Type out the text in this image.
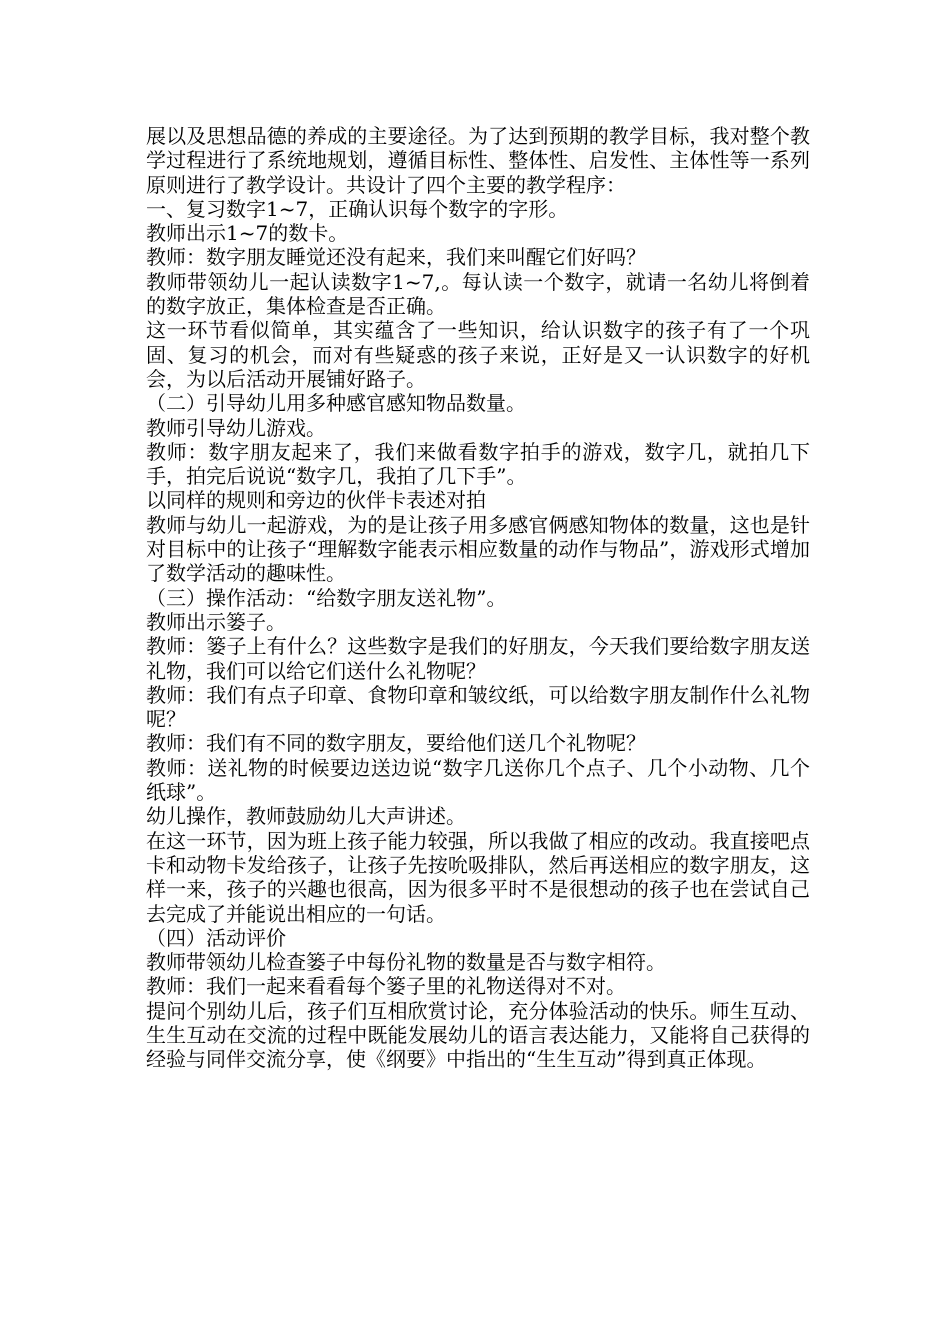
展以及思想品德的养成的主要途径。为了达到预期的教学目标，我对整个教学过程进行了系统地规划，遵循目标性、整体性、启发性、主体性等一系列原则进行了教学设计。共设计了四个主要的教学程序：

一、复习数字1~7，正确认识每个数字的字形。

教师出示1~7的数卡。

教师：数字朋友睡觉还没有起来，我们来叫醒它们好吗？

教师带领幼儿一起认读数字1~7,。每认读一个数字，就请一名幼儿将倒着的数字放正，集体检查是否正确。

这一环节看似简单，其实蕴含了一些知识，给认识数字的孩子有了一个巩固、复习的机会，而对有些疑惑的孩子来说，正好是又一认识数字的好机会，为以后活动开展铺好路子。

（二）引导幼儿用多种感官感知物品数量。

教师引导幼儿游戏。

教师：数字朋友起来了，我们来做看数字拍手的游戏，数字几，就拍几下手，拍完后说说“数字几，我拍了几下手”。

以同样的规则和旁边的伙伴卡表述对拍

教师与幼儿一起游戏，为的是让孩子用多感官俩感知物体的数量，这也是针对目标中的让孩子“理解数字能表示相应数量的动作与物品”，游戏形式增加了数学活动的趣味性。

（三）操作活动：“给数字朋友送礼物”。

教师出示篓子。

教师：篓子上有什么？这些数字是我们的好朋友，今天我们要给数字朋友送礼物，我们可以给它们送什么礼物呢？

教师：我们有点子印章、食物印章和皱纹纸，可以给数字朋友制作什么礼物呢？

教师：我们有不同的数字朋友，要给他们送几个礼物呢？

教师：送礼物的时候要边送边说“数字几送你几个点子、几个小动物、几个纸球”。

幼儿操作，教师鼓励幼儿大声讲述。

在这一环节，因为班上孩子能力较强，所以我做了相应的改动。我直接吧点卡和动物卡发给孩子，让孩子先按吮吸排队，然后再送相应的数字朋友，这样一来，孩子的兴趣也很高，因为很多平时不是很想动的孩子也在尝试自己去完成了并能说出相应的一句话。

（四）活动评价

教师带领幼儿检查篓子中每份礼物的数量是否与数字相符。

教师：我们一起来看看每个篓子里的礼物送得对不对。

提问个别幼儿后，孩子们互相欣赏讨论，充分体验活动的快乐。师生互动、生生互动在交流的过程中既能发展幼儿的语言表达能力，又能将自己获得的经验与同伴交流分享，使《纲要》中指出的“生生互动”得到真正体现。
